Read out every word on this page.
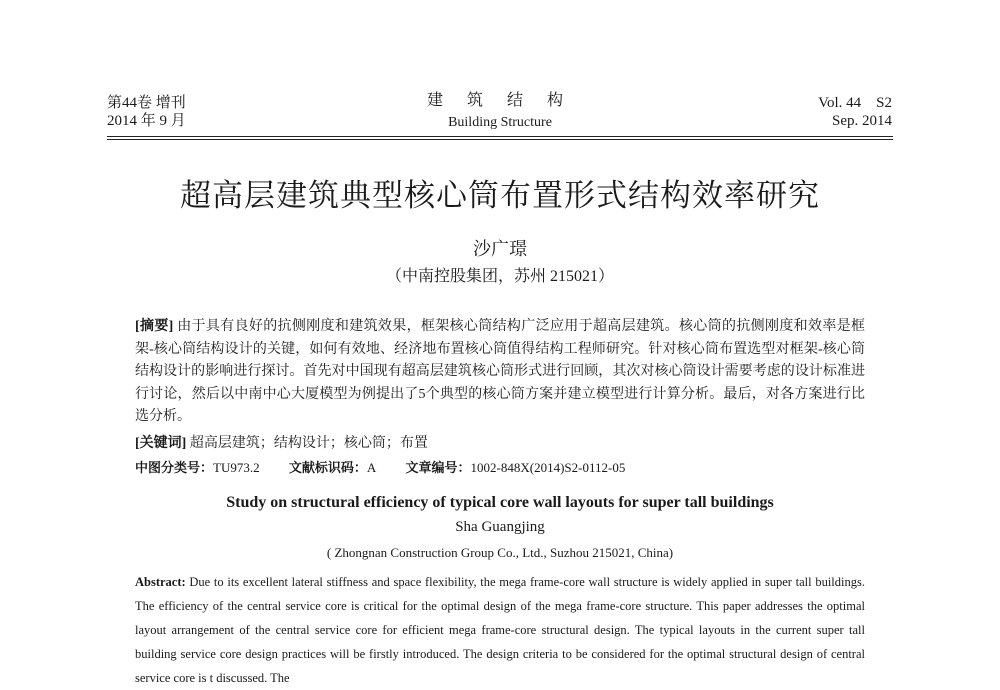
第44卷 增刊
2014 年 9 月
建 筑 结 构
Building Structure
Vol. 44　S2
Sep. 2014
超高层建筑典型核心筒布置形式结构效率研究
沙广璟
（中南控股集团，苏州 215021）
[摘要] 由于具有良好的抗侧刚度和建筑效果，框架核心筒结构广泛应用于超高层建筑。核心筒的抗侧刚度和效率是框架-核心筒结构设计的关键，如何有效地、经济地布置核心筒值得结构工程师研究。针对核心筒布置选型对框架-核心筒结构设计的影响进行探讨。首先对中国现有超高层建筑核心筒形式进行回顾，其次对核心筒设计需要考虑的设计标准进行讨论，然后以中南中心大厦模型为例提出了5个典型的核心筒方案并建立模型进行计算分析。最后，对各方案进行比选分析。
[关键词] 超高层建筑；结构设计；核心筒；布置
中图分类号：TU973.2 文献标识码：A 文章编号：1002-848X(2014)S2-0112-05
Study on structural efficiency of typical core wall layouts for super tall buildings
Sha Guangjing
( Zhongnan Construction Group Co., Ltd., Suzhou 215021, China)
Abstract: Due to its excellent lateral stiffness and space flexibility, the mega frame-core wall structure is widely applied in super tall buildings. The efficiency of the central service core is critical for the optimal design of the mega frame-core structure. This paper addresses the optimal layout arrangement of the central service core for efficient mega frame-core structural design. The typical layouts in the current super tall building service core design practices will be firstly introduced. The design criteria to be considered for the optimal structural design of central service core is t discussed. The
